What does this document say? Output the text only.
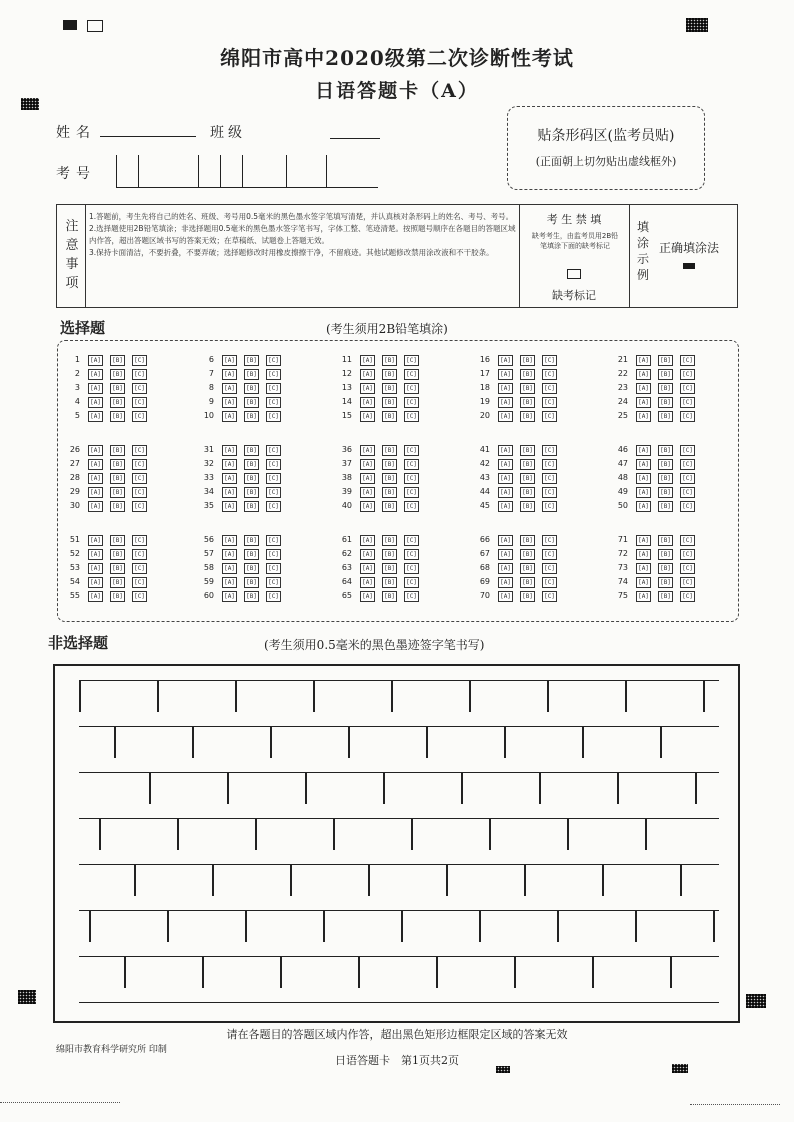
绵阳市高中2020级第二次诊断性考试
日语答题卡（A）
姓名	班级
考号
贴条形码区(监考员贴)
(正面朝上切勿贴出虚线框外)
注
意
事
项
1.答题前，考生先将自己的姓名、班级、考号用0.5毫米的黑色墨水签字笔填写清楚，并认真核对条形码上的姓名、考号、考号。
2.选择题使用2B铅笔填涂；非选择题用0.5毫米的黑色墨水签字笔书写，字体工整、笔迹清楚。按照题号顺序在各题目的答题区域内作答，超出答题区域书写的答案无效；在草稿纸、试题卷上答题无效。
3.保持卡面清洁，不要折叠，不要弄破；选择题修改时用橡皮擦擦干净，不留痕迹。其他试题修改禁用涂改液和不干胶条。
考 生 禁 填
缺考考生，由监考员用2B铅笔填涂下面的缺考标记
缺考标记
填
涂
示
例
正确填涂法
选择题	(考生须用2B铅笔填涂)
1	[A]	[B]	[C]
2	[A]	[B]	[C]
3	[A]	[B]	[C]
4	[A]	[B]	[C]
5	[A]	[B]	[C]
6	[A]	[B]	[C]
7	[A]	[B]	[C]
8	[A]	[B]	[C]
9	[A]	[B]	[C]
10	[A]	[B]	[C]
11	[A]	[B]	[C]
12	[A]	[B]	[C]
13	[A]	[B]	[C]
14	[A]	[B]	[C]
15	[A]	[B]	[C]
16	[A]	[B]	[C]
17	[A]	[B]	[C]
18	[A]	[B]	[C]
19	[A]	[B]	[C]
20	[A]	[B]	[C]
21	[A]	[B]	[C]
22	[A]	[B]	[C]
23	[A]	[B]	[C]
24	[A]	[B]	[C]
25	[A]	[B]	[C]
26	[A]	[B]	[C]
27	[A]	[B]	[C]
28	[A]	[B]	[C]
29	[A]	[B]	[C]
30	[A]	[B]	[C]
31	[A]	[B]	[C]
32	[A]	[B]	[C]
33	[A]	[B]	[C]
34	[A]	[B]	[C]
35	[A]	[B]	[C]
36	[A]	[B]	[C]
37	[A]	[B]	[C]
38	[A]	[B]	[C]
39	[A]	[B]	[C]
40	[A]	[B]	[C]
41	[A]	[B]	[C]
42	[A]	[B]	[C]
43	[A]	[B]	[C]
44	[A]	[B]	[C]
45	[A]	[B]	[C]
46	[A]	[B]	[C]
47	[A]	[B]	[C]
48	[A]	[B]	[C]
49	[A]	[B]	[C]
50	[A]	[B]	[C]
51	[A]	[B]	[C]
52	[A]	[B]	[C]
53	[A]	[B]	[C]
54	[A]	[B]	[C]
55	[A]	[B]	[C]
56	[A]	[B]	[C]
57	[A]	[B]	[C]
58	[A]	[B]	[C]
59	[A]	[B]	[C]
60	[A]	[B]	[C]
61	[A]	[B]	[C]
62	[A]	[B]	[C]
63	[A]	[B]	[C]
64	[A]	[B]	[C]
65	[A]	[B]	[C]
66	[A]	[B]	[C]
67	[A]	[B]	[C]
68	[A]	[B]	[C]
69	[A]	[B]	[C]
70	[A]	[B]	[C]
71	[A]	[B]	[C]
72	[A]	[B]	[C]
73	[A]	[B]	[C]
74	[A]	[B]	[C]
75	[A]	[B]	[C]
非选择题	(考生须用0.5毫米的黑色墨迹签字笔书写)
请在各题目的答题区域内作答，超出黑色矩形边框限定区域的答案无效
绵阳市教育科学研究所 印制
日语答题卡　第1页共2页
